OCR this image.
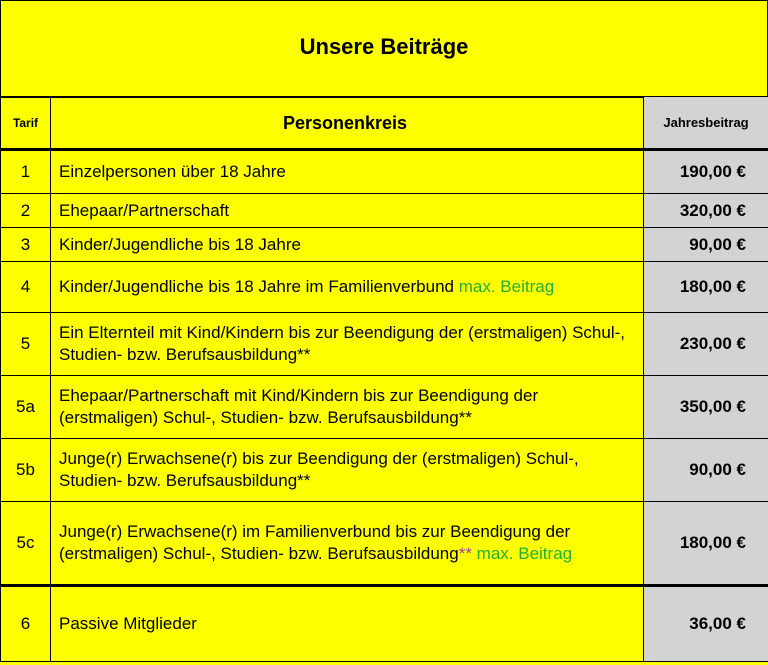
Unsere Beiträge
Tarif	Personenkreis	Jahresbeitrag
1	Einzelpersonen über 18 Jahre	190,00 €
2	Ehepaar/Partnerschaft	320,00 €
3	Kinder/Jugendliche bis 18 Jahre	90,00 €
4	Kinder/Jugendliche bis 18 Jahre im Familienverbund max. Beitrag	180,00 €
5	Ein Elternteil mit Kind/Kindern bis zur Beendigung der (erstmaligen) Schul-, Studien- bzw. Berufsausbildung**	230,00 €
5a	Ehepaar/Partnerschaft mit Kind/Kindern bis zur Beendigung der (erstmaligen) Schul-, Studien- bzw. Berufsausbildung**	350,00 €
5b	Junge(r) Erwachsene(r) bis zur Beendigung der (erstmaligen) Schul-, Studien- bzw. Berufsausbildung**	90,00 €
5c	Junge(r) Erwachsene(r) im Familienverbund bis zur Beendigung der (erstmaligen) Schul-, Studien- bzw. Berufsausbildung** max. Beitrag	180,00 €
6	Passive Mitglieder	36,00 €
